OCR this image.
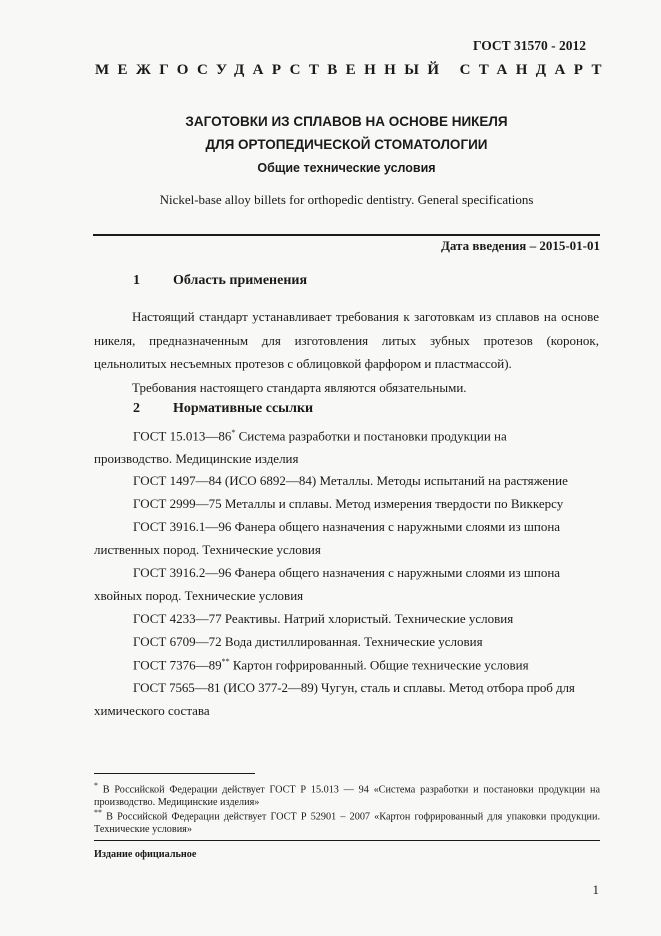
ГОСТ 31570 - 2012
МЕЖГОСУДАРСТВЕННЫЙ СТАНДАРТ
ЗАГОТОВКИ ИЗ СПЛАВОВ НА ОСНОВЕ НИКЕЛЯ
ДЛЯ ОРТОПЕДИЧЕСКОЙ СТОМАТОЛОГИИ
Общие технические условия
Nickel-base alloy billets for orthopedic dentistry. General specifications
Дата введения – 2015-01-01
1 Область применения

Настоящий стандарт устанавливает требования к заготовкам из сплавов на основе никеля, предназначенным для изготовления литых зубных протезов (коронок, цельнолитых несъемных протезов с облицовкой фарфором и пластмассой).

Требования настоящего стандарта являются обязательными.

2 Нормативные ссылки
ГОСТ 15.013—86* Система разработки и постановки продукции на
производство. Медицинские изделия
ГОСТ 1497—84 (ИСО 6892—84) Металлы. Методы испытаний на растяжение
ГОСТ 2999—75 Металлы и сплавы. Метод измерения твердости по Виккерсу
ГОСТ 3916.1—96 Фанера общего назначения с наружными слоями из шпона
лиственных пород. Технические условия
ГОСТ 3916.2—96 Фанера общего назначения с наружными слоями из шпона
хвойных пород. Технические условия
ГОСТ 4233—77 Реактивы. Натрий хлористый. Технические условия
ГОСТ 6709—72 Вода дистиллированная. Технические условия
ГОСТ 7376—89** Картон гофрированный. Общие технические условия
ГОСТ 7565—81 (ИСО 377-2—89) Чугун, сталь и сплавы. Метод отбора проб для
химического состава
* В Российской Федерации действует ГОСТ Р 15.013 — 94 «Система разработки и постановки продукции на производство. Медицинские изделия»
** В Российской Федерации действует ГОСТ Р 52901 – 2007 «Картон гофрированный для упаковки продукции. Технические условия»
Издание официальное
1
